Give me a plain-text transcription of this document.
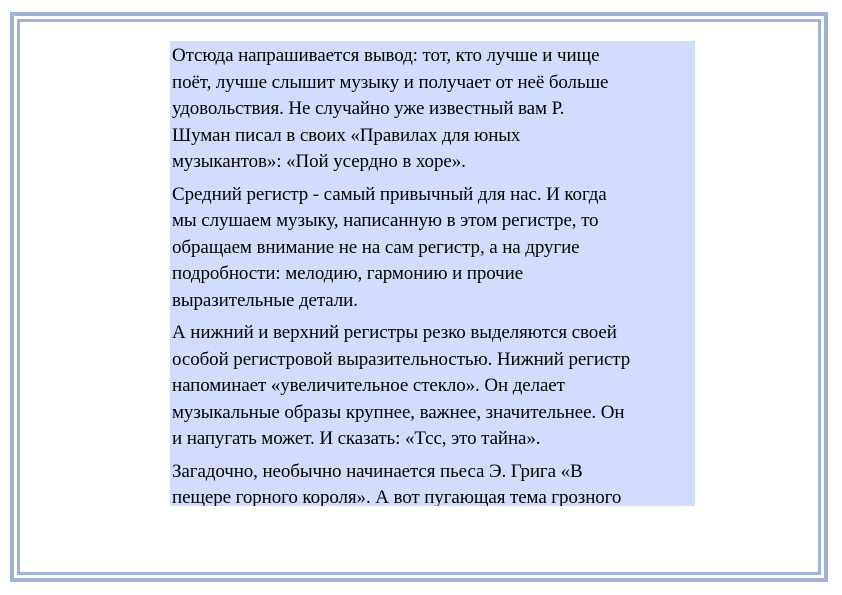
Отсюда напрашивается вывод: тот, кто лучше и чище
поёт, лучше слышит музыку и получает от неё больше
удовольствия. Не случайно уже известный вам Р.
Шуман писал в своих «Правилах для юных
музыкантов»: «Пой усердно в хоре».

Средний регистр - самый привычный для нас. И когда
мы слушаем музыку, написанную в этом регистре, то
обращаем внимание не на сам регистр, а на другие
подробности: мелодию, гармонию и прочие
выразительные детали.

А нижний и верхний регистры резко выделяются своей
особой регистровой выразительностью. Нижний регистр
напоминает «увеличительное стекло». Он делает
музыкальные образы крупнее, важнее, значительнее. Он
и напугать может. И сказать: «Тсс, это тайна».

Загадочно, необычно начинается пьеса Э. Грига «В
пещере горного короля». А вот пугающая тема грозного
